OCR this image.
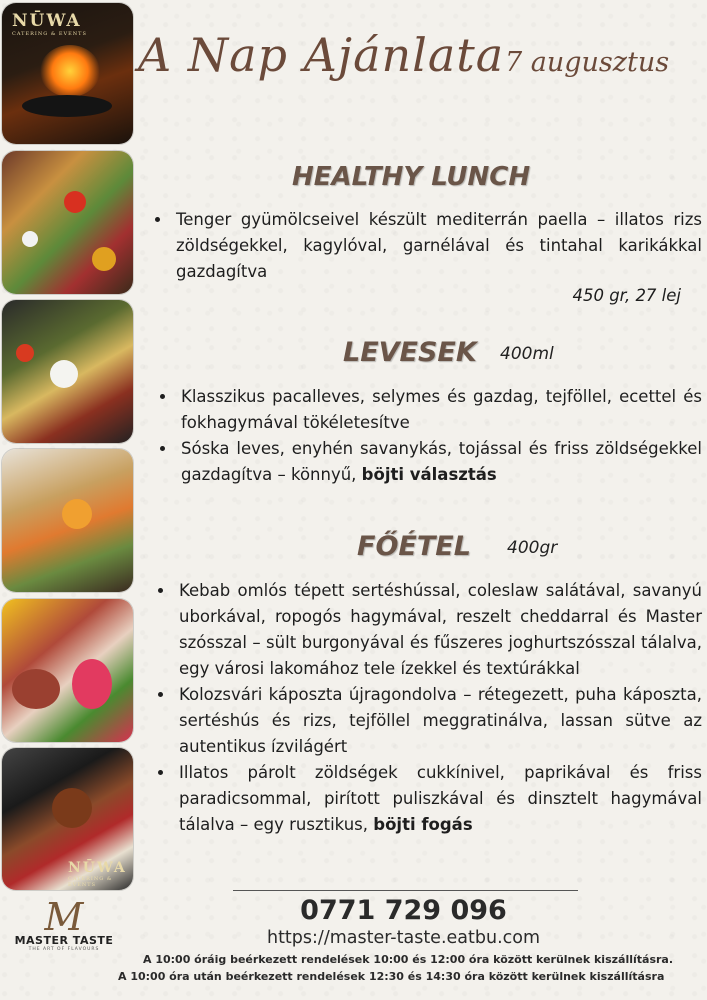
NŪWA
CATERING & EVENTS
NŪWA
CATERING & EVENTS
A Nap Ajánlata 7 augusztus
HEALTHY LUNCH
• Tenger gyümölcseivel készült mediterrán paella – illatos rizs zöldségekkel, kagylóval, garnélával és tintahal karikákkal gazdagítva
450 gr, 27 lej
LEVESEK 400ml
• Klasszikus pacalleves, selymes és gazdag, tejföllel, ecettel és fokhagymával tökéletesítve
• Sóska leves, enyhén savanykás, tojással és friss zöldségekkel gazdagítva – könnyű, böjti választás
FŐÉTEL 400gr
• Kebab omlós tépett sertéshússal, coleslaw salátával, savanyú uborkával, ropogós hagymával, reszelt cheddarral és Master szósszal – sült burgonyával és fűszeres joghurtszósszal tálalva, egy városi lakomához tele ízekkel és textúrákkal
• Kolozsvári káposzta újragondolva – rétegezett, puha káposzta, sertéshús és rizs, tejföllel meggratinálva, lassan sütve az autentikus ízvilágért
• Illatos párolt zöldségek cukkínivel, paprikával és friss paradicsommal, pirított puliszkával és dinsztelt hagymával tálalva – egy rusztikus, böjti fogás
0771 729 096
https://master-taste.eatbu.com
M
MASTER TASTE
THE ART OF FLAVOURS
A 10:00 óráig beérkezett rendelések 10:00 és 12:00 óra között kerülnek kiszállításra.
A 10:00 óra után beérkezett rendelések 12:30 és 14:30 óra között kerülnek kiszállításra
